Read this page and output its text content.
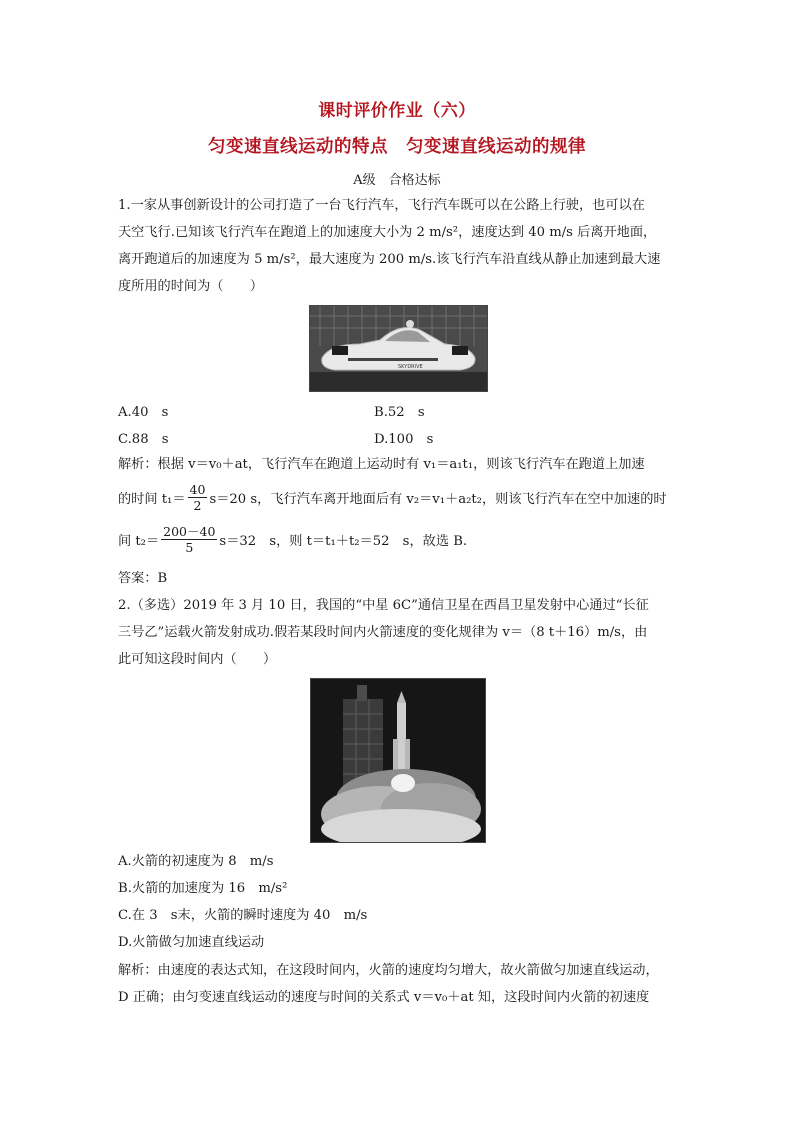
课时评价作业（六）
匀变速直线运动的特点　匀变速直线运动的规律
A级　合格达标
1.一家从事创新设计的公司打造了一台飞行汽车，飞行汽车既可以在公路上行驶，也可以在
天空飞行.已知该飞行汽车在跑道上的加速度大小为 2 m/s²，速度达到 40 m/s 后离开地面，
离开跑道后的加速度为 5 m/s²，最大速度为 200 m/s.该飞行汽车沿直线从静止加速到最大速
度所用的时间为（　　）
SKYDRIVE
A.40　s	B.52　s
C.88　s	D.100　s
解析：根据 v＝v₀＋at，飞行汽车在跑道上运动时有 v₁＝a₁t₁，则该飞行汽车在跑道上加速
的时间 $t_1= \frac{40}{2} s=20$ s，飞行汽车离开地面后有 v₂＝v₁＋a₂t₂，则该飞行汽车在空中加速的时
间 $t_2= \frac{200-40}{5} s=32$　s，则 t＝t₁＋t₂＝52　s，故选 B.
答案：B
2.（多选）2019 年 3 月 10 日，我国的“中星 6C”通信卫星在西昌卫星发射中心通过“长征
三号乙”运载火箭发射成功.假若某段时间内火箭速度的变化规律为 v＝（8 t＋16）m/s，由
此可知这段时间内（　　）
A.火箭的初速度为 8　m/s
B.火箭的加速度为 16　m/s²
C.在 3　s末，火箭的瞬时速度为 40　m/s
D.火箭做匀加速直线运动
解析：由速度的表达式知，在这段时间内，火箭的速度均匀增大，故火箭做匀加速直线运动，
D 正确；由匀变速直线运动的速度与时间的关系式 v＝v₀＋at 知，这段时间内火箭的初速度
